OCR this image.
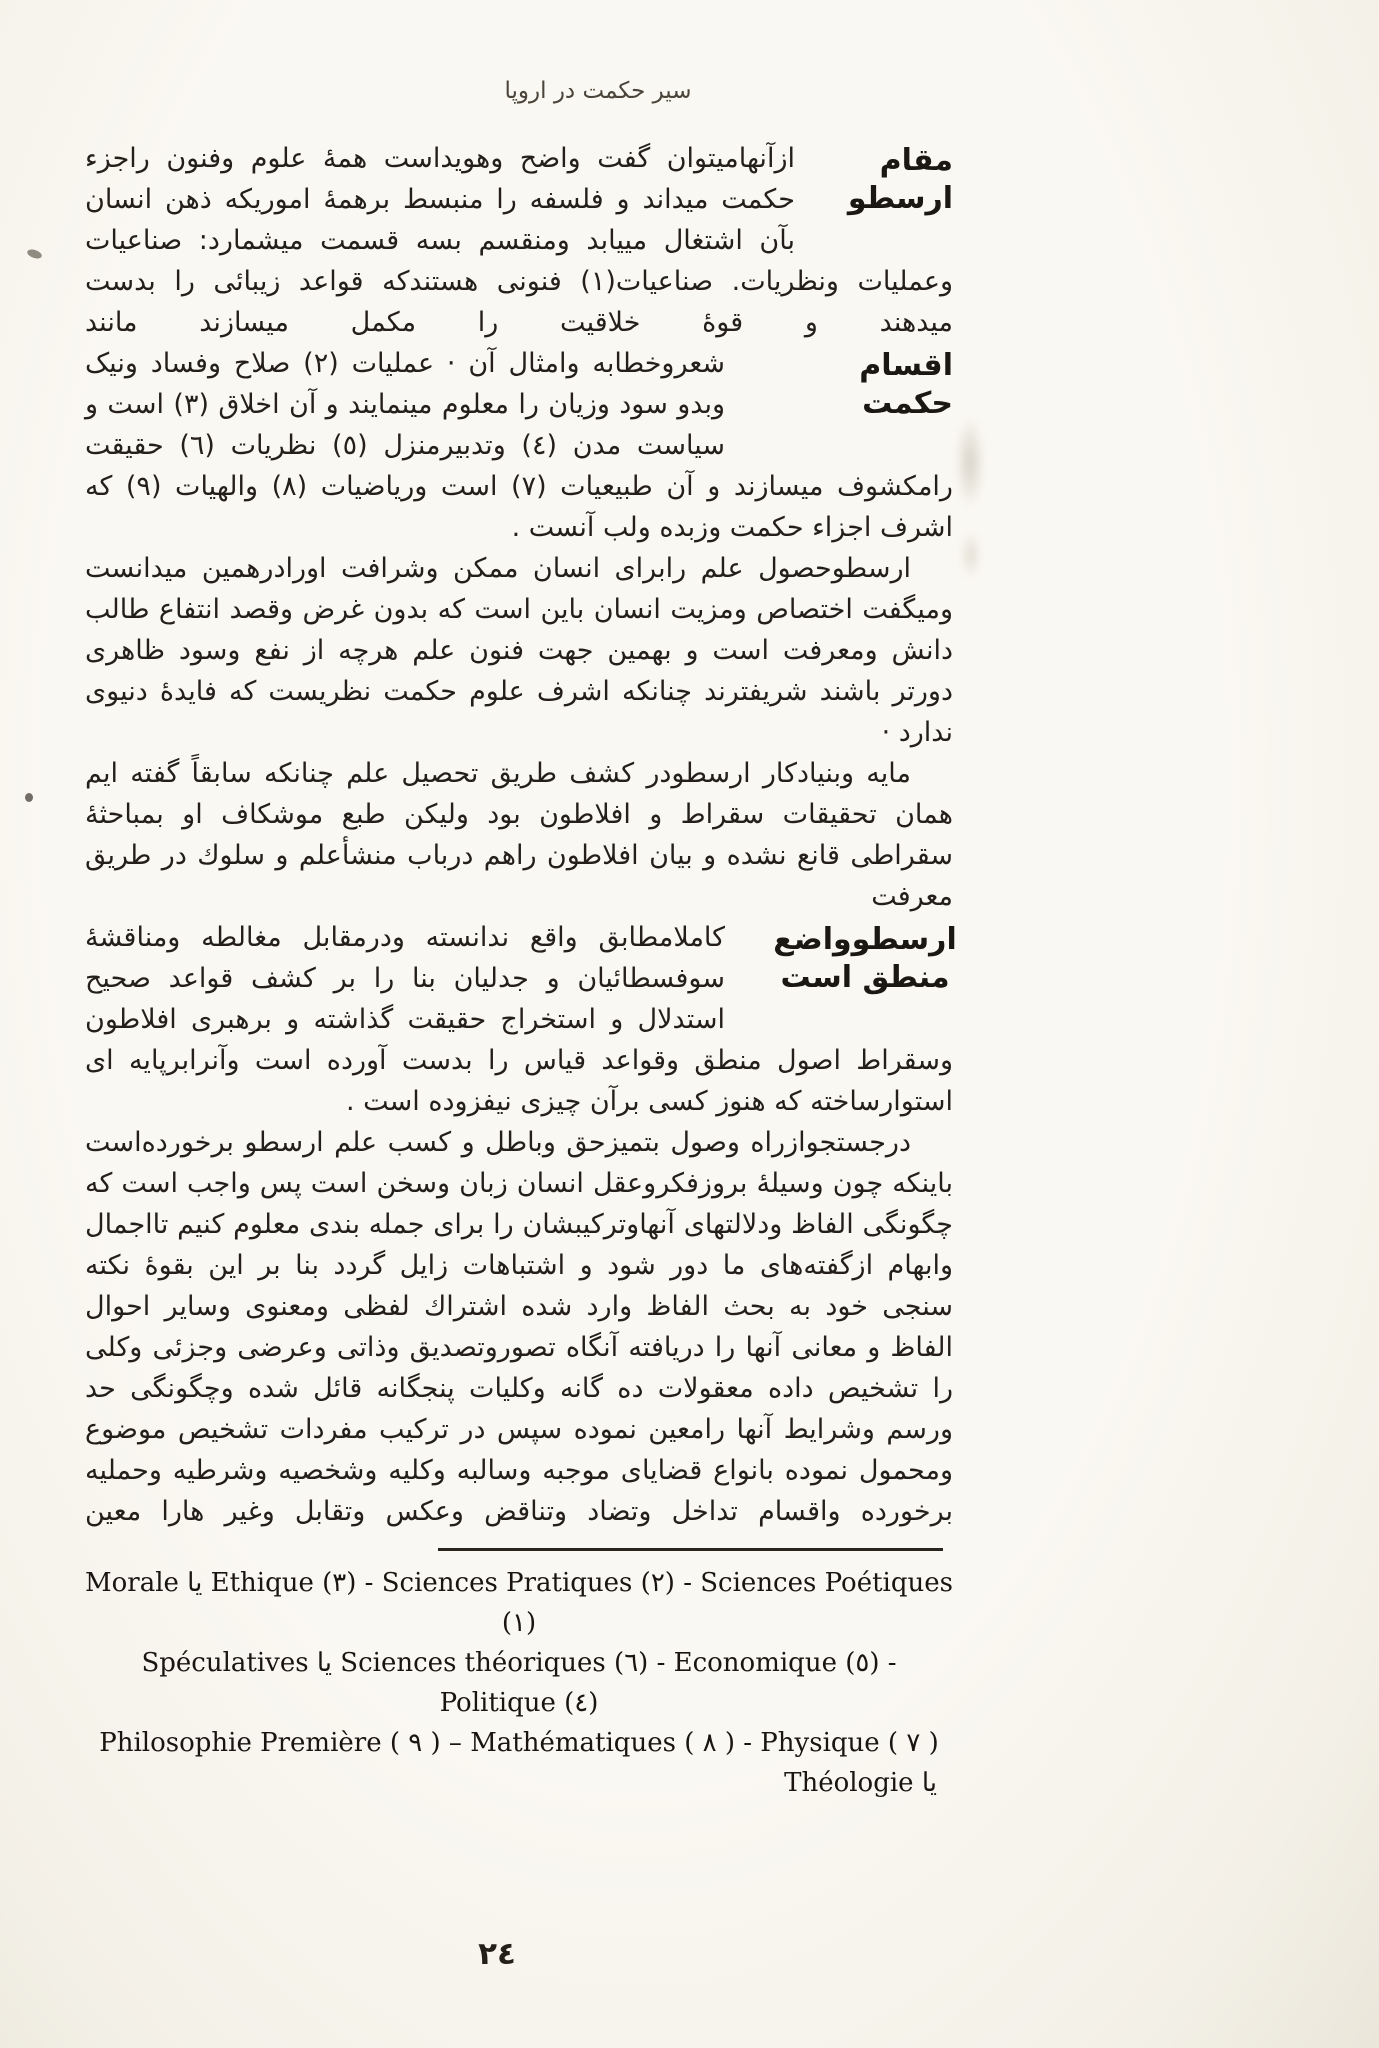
سیر حکمت در اروپا
مقام ارسطو
ازآنهامیتوان گفت واضح وهویداست همهٔ علوم وفنون راجزء حکمت میداند و فلسفه را منبسط برهمهٔ اموریکه ذهن انسان بآن اشتغال مییابد ومنقسم بسه قسمت میشمارد: صناعیات وعملیات ونظریات. صناعیات(١) فنونی هستندکه قواعد زیبائی را بدست میدهند و قوهٔ خلاقیت را مکمل میسازند مانند
اقسام حکمت
شعروخطابه وامثال آن · عملیات (٢) صلاح وفساد ونیک وبدو سود وزیان را معلوم مینمایند و آن اخلاق (٣) است و سیاست مدن (٤) وتدبیرمنزل (٥) نظریات (٦) حقیقت رامکشوف میسازند و آن طبیعیات (٧) است وریاضیات (٨) والهیات (٩) که اشرف اجزاء حکمت وزبده ولب آنست .
ارسطوحصول علم رابرای انسان ممکن وشرافت اورادرهمین میدانست ومیگفت اختصاص ومزیت انسان باین است که بدون غرض وقصد انتفاع طالب دانش ومعرفت است و بهمین جهت فنون علم هرچه از نفع وسود ظاهری دورتر باشند شریفترند چنانکه اشرف علوم حکمت نظریست که فایدهٔ دنیوی ندارد ·
مایه وبنیادکار ارسطودر کشف طریق تحصیل علم چنانکه سابقاً گفته ایم همان تحقیقات سقراط و افلاطون بود ولیکن طبع موشکاف او بمباحثهٔ سقراطی قانع نشده و بیان افلاطون راهم درباب منشأعلم و سلوك در طریق معرفت
ارسطوواضع
منطق است
کاملامطابق واقع ندانسته ودرمقابل مغالطه ومناقشهٔ سوفسطائیان و جدلیان بنا را بر کشف قواعد صحیح استدلال و استخراج حقیقت گذاشته و برهبری افلاطون وسقراط اصول منطق وقواعد قیاس را بدست آورده است وآنرابرپایه ای استوارساخته که هنوز کسی برآن چیزی نیفزوده است .
درجستجوازراه وصول بتمیزحق وباطل و کسب علم ارسطو برخورده‌است باینکه چون وسیلهٔ بروزفکروعقل انسان زبان وسخن است پس واجب است که چگونگی الفاظ ودلالتهای آنهاوترکیبشان را برای جمله بندی معلوم کنیم تااجمال وابهام ازگفته‌های ما دور شود و اشتباهات زایل گردد بنا بر این بقوهٔ نکته سنجی خود به بحث الفاظ وارد شده اشتراك لفظی ومعنوی وسایر احوال الفاظ و معانی آنها را دریافته آنگاه تصوروتصدیق وذاتی وعرضی وجزئی وکلی را تشخیص داده معقولات ده گانه وکلیات پنجگانه قائل شده وچگونگی حد ورسم وشرایط آنها رامعین نموده سپس در ترکیب مفردات تشخیص موضوع ومحمول نموده بانواع قضایای موجبه وسالبه وکلیه وشخصیه وشرطیه وحملیه برخورده واقسام تداخل وتضاد وتناقض وعکس وتقابل وغیر هارا معین
Morale یا Ethique (٣) - Sciences Pratiques (٢) - Sciences Poétiques (١)
Spéculatives یا Sciences théoriques (٦) - Economique (٥) -Politique (٤)
Philosophie Première ( ٩ ) – Mathématiques ( ٨ ) - Physique ( ٧ )
Théologie یا
٢٤
